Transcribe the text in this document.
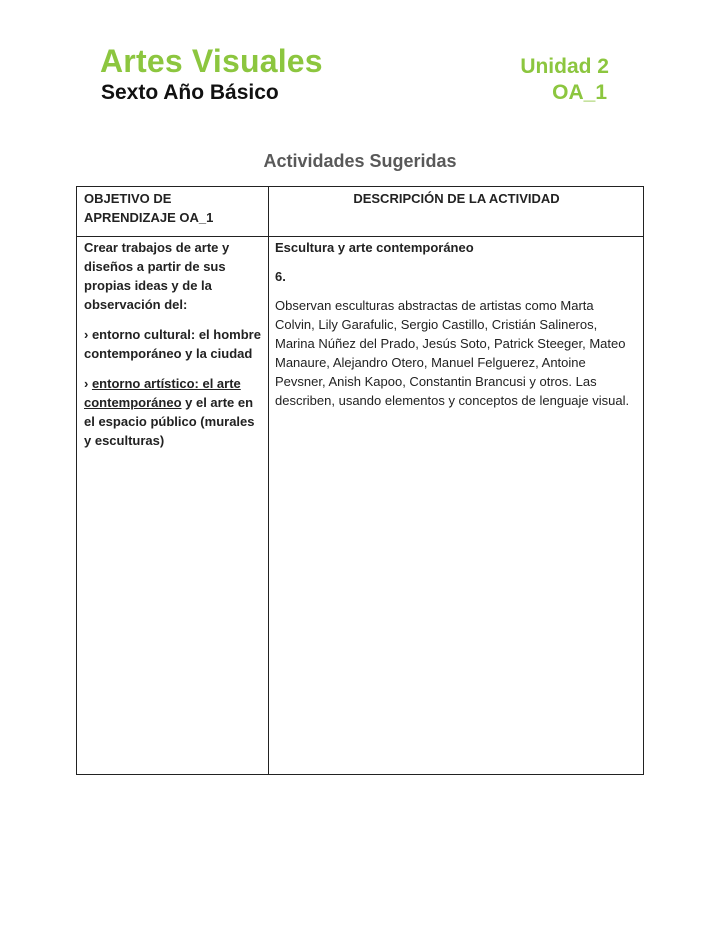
Artes Visuales
Sexto Año Básico
Unidad 2
OA_1
Actividades Sugeridas
OBJETIVO DE APRENDIZAJE OA_1
DESCRIPCIÓN DE LA ACTIVIDAD

Crear trabajos de arte y diseños a partir de sus propias ideas y de la observación del:

› entorno cultural: el hombre contemporáneo y la ciudad

› entorno artístico: el arte contemporáneo y el arte en el espacio público (murales y esculturas)

Escultura y arte contemporáneo

6.

Observan esculturas abstractas de artistas como Marta Colvin, Lily Garafulic, Sergio Castillo, Cristián Salineros, Marina Núñez del Prado, Jesús Soto, Patrick Steeger, Mateo Manaure, Alejandro Otero, Manuel Felguerez, Antoine Pevsner, Anish Kapoo, Constantin Brancusi y otros. Las describen, usando elementos y conceptos de lenguaje visual.
